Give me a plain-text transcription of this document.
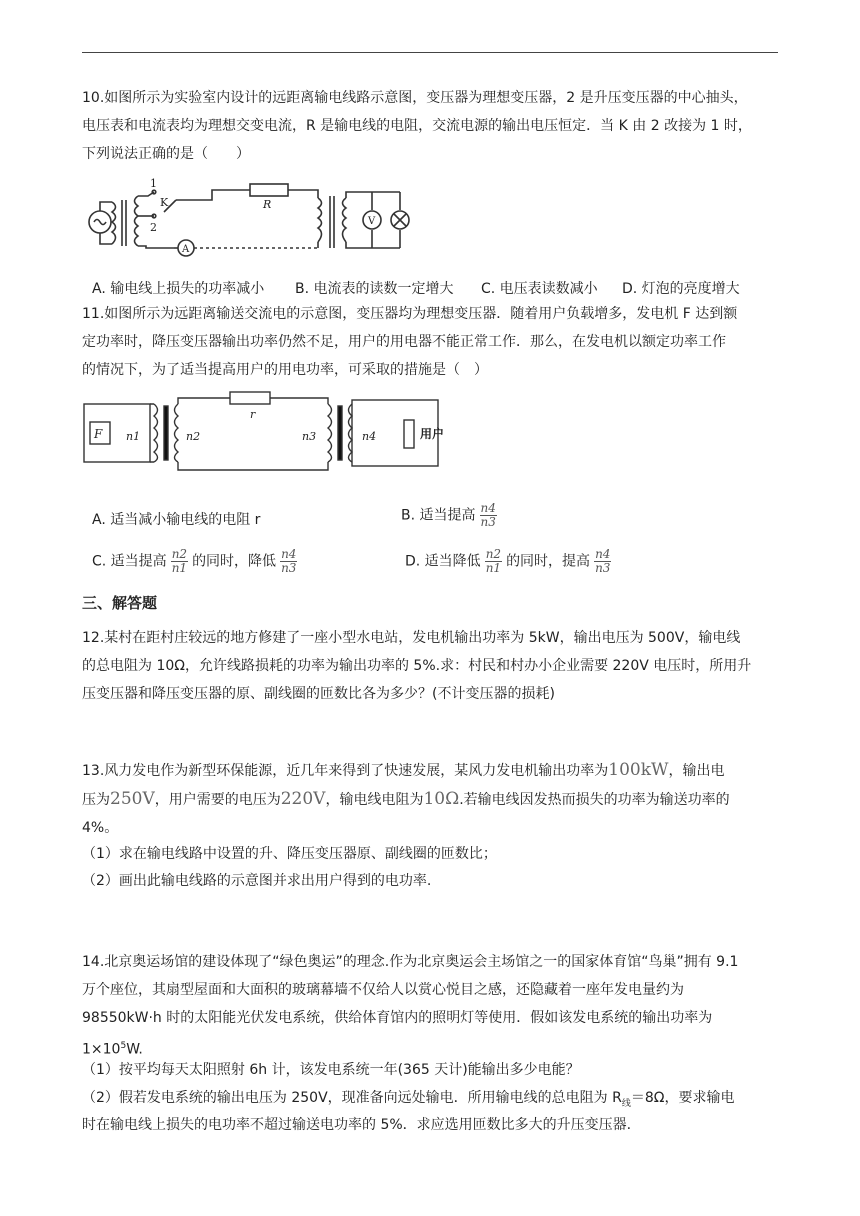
10.如图所示为实验室内设计的远距离输电线路示意图，变压器为理想变压器，2 是升压变压器的中心抽头，
电压表和电流表均为理想交变电流，R 是输电线的电阻，交流电源的输出电压恒定．当 K 由 2 改接为 1 时，
下列说法正确的是（　　）
1
K
2
R
A
V
A. 输电线上损失的功率减小 B. 电流表的读数一定增大 C. 电压表读数减小 D. 灯泡的亮度增大
11.如图所示为远距离输送交流电的示意图，变压器均为理想变压器．随着用户负载增多，发电机 F 达到额
定功率时，降压变压器输出功率仍然不足，用户的用电器不能正常工作．那么，在发电机以额定功率工作
的情况下，为了适当提高用户的用电功率，可采取的措施是（　）
F n1	n2
r
n3	n4	用户
A. 适当减小输电线的电阻 r	B. 适当提高 $\frac{n4}{n3}$
C. 适当提高 $\frac{n2}{n1}$ 的同时，降低 $\frac{n4}{n3}$	D. 适当降低 $\frac{n2}{n1}$ 的同时，提高 $\frac{n4}{n3}$
三、解答题
12.某村在距村庄较远的地方修建了一座小型水电站，发电机输出功率为 5kW，输出电压为 500V，输电线
的总电阻为 10Ω，允许线路损耗的功率为输出功率的 5%.求：村民和村办小企业需要 220V 电压时，所用升
压变压器和降压变压器的原、副线圈的匝数比各为多少？(不计变压器的损耗)
13.风力发电作为新型环保能源，近几年来得到了快速发展，某风力发电机输出功率为100kW，输出电
压为250V，用户需要的电压为220V，输电线电阻为10Ω.若输电线因发热而损失的功率为输送功率的
4%。
（1）求在输电线路中设置的升、降压变压器原、副线圈的匝数比；
（2）画出此输电线路的示意图并求出用户得到的电功率.
14.北京奥运场馆的建设体现了“绿色奥运”的理念.作为北京奥运会主场馆之一的国家体育馆“鸟巢”拥有 9.1
万个座位，其扇型屋面和大面积的玻璃幕墙不仅给人以赏心悦目之感，还隐藏着一座年发电量约为
98550kW·h 时的太阳能光伏发电系统，供给体育馆内的照明灯等使用．假如该发电系统的输出功率为
$1\times 10^5W$.
（1）按平均每天太阳照射 6h 计，该发电系统一年(365 天计)能输出多少电能？
（2）假若发电系统的输出电压为 250V，现准备向远处输电．所用输电线的总电阻为 $R_线=8\Omega$，要求输电
时在输电线上损失的电功率不超过输送电功率的 5%．求应选用匝数比多大的升压变压器.
